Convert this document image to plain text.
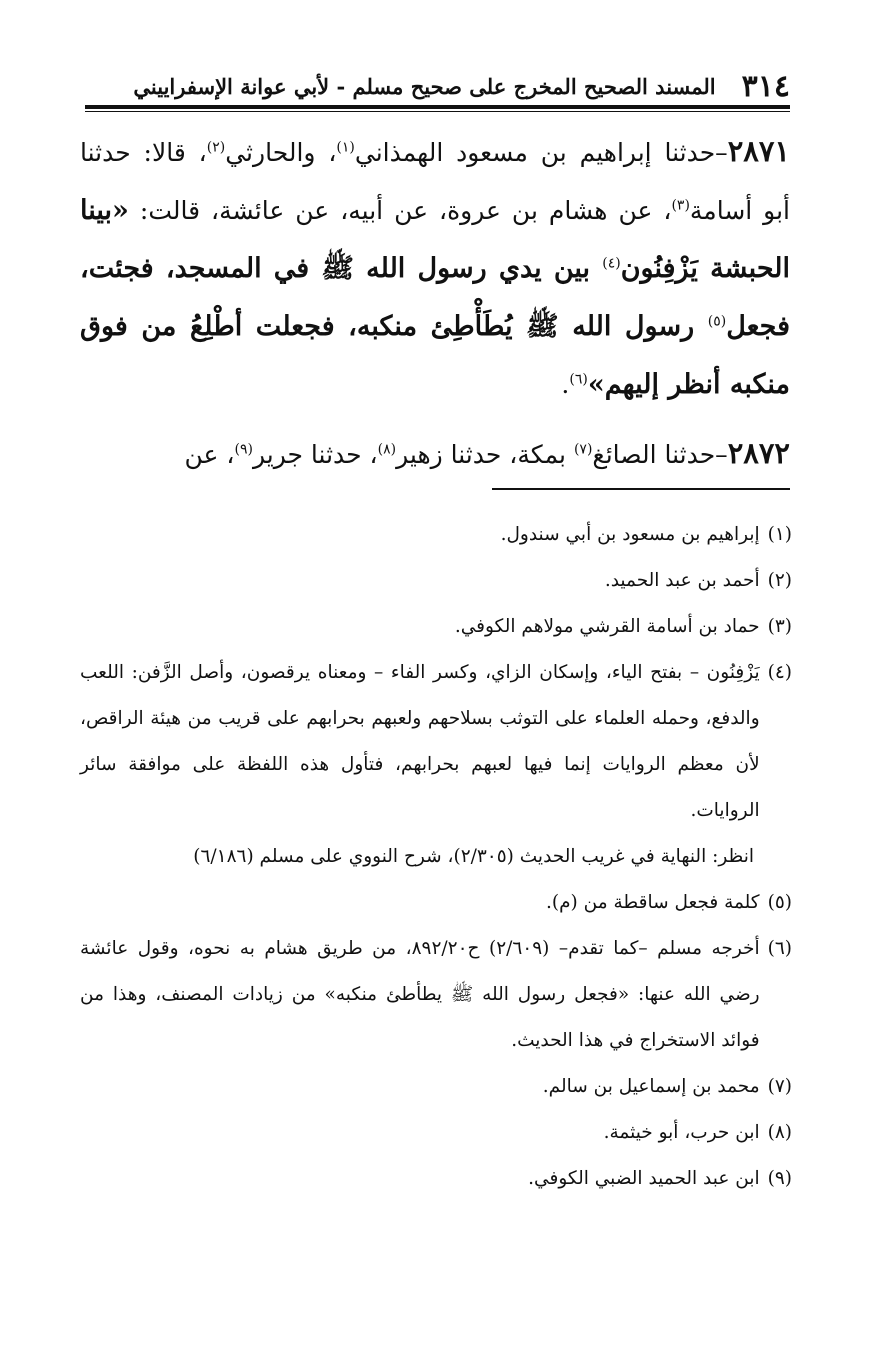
٣١٤
المسند الصحيح المخرج على صحيح مسلم - لأبي عوانة الإسفراييني

٢٨٧١–حدثنا إبراهيم بن مسعود الهمذاني$^{(١)}$، والحارثي$^{(٢)}$، قالا: حدثنا أبو أسامة$^{(٣)}$، عن هشام بن عروة، عن أبيه، عن عائشة، قالت: «بينا الحبشة يَزْفِنُون$^{(٤)}$ بين يدي رسول الله ﷺ في المسجد، فجئت، فجعل$^{(٥)}$ رسول الله ﷺ يُطَأْطِئ منكبه، فجعلت أطْلِعُ من فوق منكبه أنظر إليهم»$^{(٦)}$.

٢٨٧٢–حدثنا الصائغ$^{(٧)}$ بمكة، حدثنا زهير$^{(٨)}$، حدثنا جرير$^{(٩)}$، عن

(١)
إبراهيم بن مسعود بن أبي سندول.
(٢)
أحمد بن عبد الحميد.
(٣)
حماد بن أسامة القرشي مولاهم الكوفي.
(٤)
يَزْفِنُون – بفتح الياء، وإسكان الزاي، وكسر الفاء – ومعناه يرقصون، وأصل الزَّفن: اللعب والدفع، وحمله العلماء على التوثب بسلاحهم ولعبهم بحرابهم على قريب من هيئة الراقص، لأن معظم الروايات إنما فيها لعبهم بحرابهم، فتأول هذه اللفظة على موافقة سائر الروايات.

انظر: النهاية في غريب الحديث (٢/٣٠٥)، شرح النووي على مسلم (٦/١٨٦)

(٥)
كلمة فجعل ساقطة من (م).
(٦)
أخرجه مسلم –كما تقدم– (٢/٦٠٩) ح٨٩٢/٢٠، من طريق هشام به نحوه، وقول عائشة رضي الله عنها: «فجعل رسول الله ﷺ يطأطئ منكبه» من زيادات المصنف، وهذا من فوائد الاستخراج في هذا الحديث.
(٧)
محمد بن إسماعيل بن سالم.
(٨)
ابن حرب، أبو خيثمة.
(٩)
ابن عبد الحميد الضبي الكوفي.
